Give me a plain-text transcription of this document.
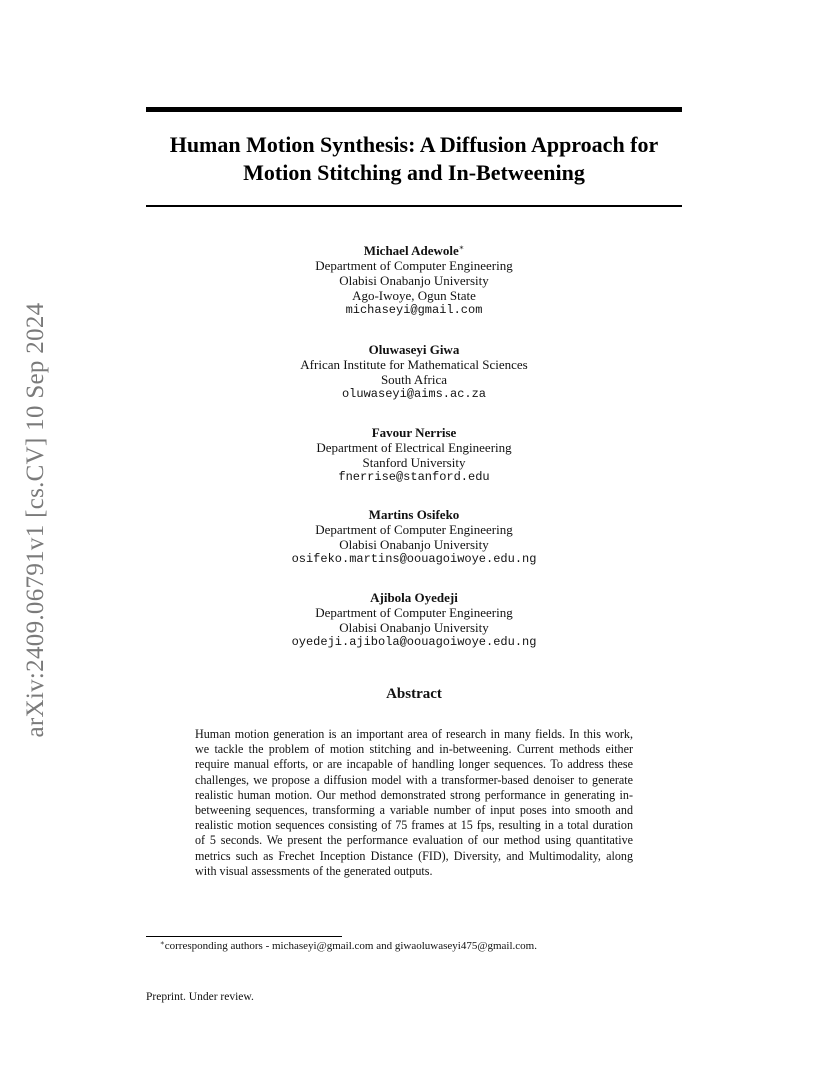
arXiv:2409.06791v1 [cs.CV] 10 Sep 2024
Human Motion Synthesis: A Diffusion Approach for
Motion Stitching and In-Betweening
Michael Adewole∗
Department of Computer Engineering
Olabisi Onabanjo University
Ago-Iwoye, Ogun State
michaseyi@gmail.com
Oluwaseyi Giwa
African Institute for Mathematical Sciences
South Africa
oluwaseyi@aims.ac.za
Favour Nerrise
Department of Electrical Engineering
Stanford University
fnerrise@stanford.edu
Martins Osifeko
Department of Computer Engineering
Olabisi Onabanjo University
osifeko.martins@oouagoiwoye.edu.ng
Ajibola Oyedeji
Department of Computer Engineering
Olabisi Onabanjo University
oyedeji.ajibola@oouagoiwoye.edu.ng
Abstract
Human motion generation is an important area of research in many fields. In this work, we tackle the problem of motion stitching and in-betweening. Current methods either require manual efforts, or are incapable of handling longer sequences. To address these challenges, we propose a diffusion model with a transformer-based denoiser to generate realistic human motion. Our method demonstrated strong performance in generating in-betweening sequences, transforming a variable number of input poses into smooth and realistic motion sequences consisting of 75 frames at 15 fps, resulting in a total duration of 5 seconds. We present the performance evaluation of our method using quantitative metrics such as Frechet Inception Distance (FID), Diversity, and Multimodality, along with visual assessments of the generated outputs.
∗corresponding authors - michaseyi@gmail.com and giwaoluwaseyi475@gmail.com.
Preprint. Under review.
